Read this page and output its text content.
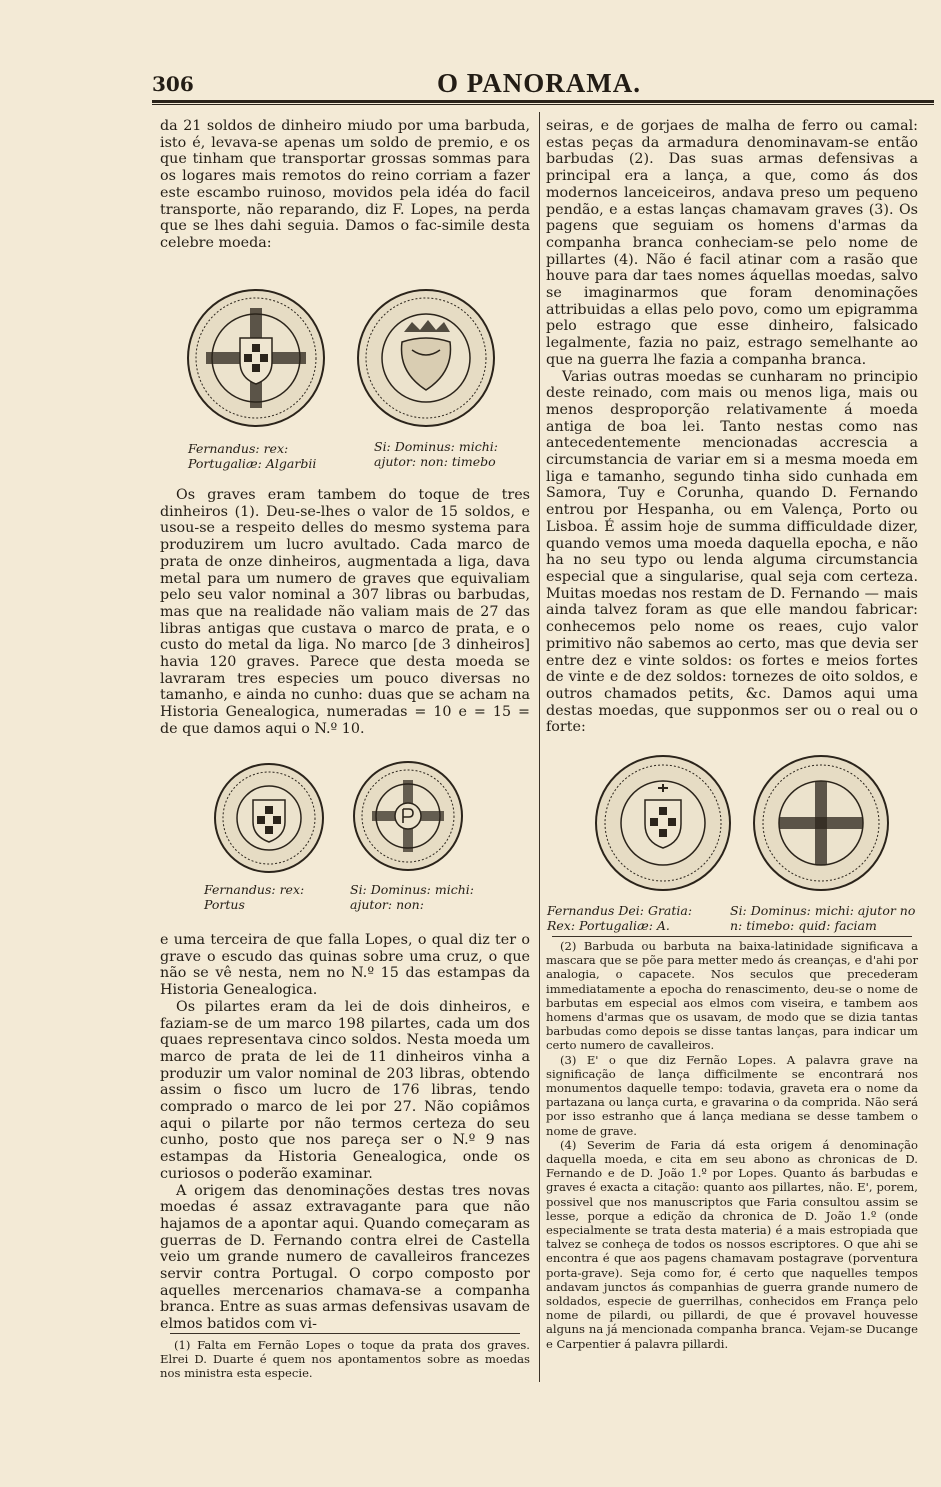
306	O PANORAMA.

da 21 soldos de dinheiro miudo por uma barbuda, isto é, levava-se apenas um soldo de premio, e os que tinham que transportar grossas sommas para os logares mais remotos do reino corriam a fazer este escambo ruinoso, movidos pela idéa do facil transporte, não reparando, diz F. Lopes, na perda que se lhes dahi seguia. Damos o fac-simile desta celebre moeda:

Fernandus: rex: Portugaliæ: Algarbii
Si: Dominus: michi: ajutor: non: timebo

Os graves eram tambem do toque de tres dinheiros (1). Deu-se-lhes o valor de 15 soldos, e usou-se a respeito delles do mesmo systema para produzirem um lucro avultado. Cada marco de prata de onze dinheiros, augmentada a liga, dava metal para um numero de graves que equivaliam pelo seu valor nominal a 307 libras ou barbudas, mas que na realidade não valiam mais de 27 das libras antigas que custava o marco de prata, e o custo do metal da liga. No marco [de 3 dinheiros] havia 120 graves. Parece que desta moeda se lavraram tres especies um pouco diversas no tamanho, e ainda no cunho: duas que se acham na Historia Genealogica, numeradas = 10 e = 15 = de que damos aqui o N.º 10.

Fernandus: rex: Portus
Si: Dominus: michi: ajutor: non:

e uma terceira de que falla Lopes, o qual diz ter o grave o escudo das quinas sobre uma cruz, o que não se vê nesta, nem no N.º 15 das estampas da Historia Genealogica.

Os pilartes eram da lei de dois dinheiros, e faziam-se de um marco 198 pilartes, cada um dos quaes representava cinco soldos. Nesta moeda um marco de prata de lei de 11 dinheiros vinha a produzir um valor nominal de 203 libras, obtendo assim o fisco um lucro de 176 libras, tendo comprado o marco de lei por 27. Não copiâmos aqui o pilarte por não termos certeza do seu cunho, posto que nos pareça ser o N.º 9 nas estampas da Historia Genealogica, onde os curiosos o poderão examinar.

A origem das denominações destas tres novas moedas é assaz extravagante para que não hajamos de a apontar aqui. Quando começaram as guerras de D. Fernando contra elrei de Castella veio um grande numero de cavalleiros francezes servir contra Portugal. O corpo composto por aquelles mercenarios chamava-se a companha branca. Entre as suas armas defensivas usavam de elmos batidos com vi-

(1) Falta em Fernão Lopes o toque da prata dos graves. Elrei D. Duarte é quem nos apontamentos sobre as moedas nos ministra esta especie.

seiras, e de gorjaes de malha de ferro ou camal: estas peças da armadura denominavam-se então barbudas (2). Das suas armas defensivas a principal era a lança, a que, como ás dos modernos lanceiceiros, andava preso um pequeno pendão, e a estas lanças chamavam graves (3). Os pagens que seguiam os homens d'armas da companha branca conheciam-se pelo nome de pillartes (4). Não é facil atinar com a rasão que houve para dar taes nomes áquellas moedas, salvo se imaginarmos que foram denominações attribuidas a ellas pelo povo, como um epigramma pelo estrago que esse dinheiro, falsicado legalmente, fazia no paiz, estrago semelhante ao que na guerra lhe fazia a companha branca.

Varias outras moedas se cunharam no principio deste reinado, com mais ou menos liga, mais ou menos desproporção relativamente á moeda antiga de boa lei. Tanto nestas como nas antecedentemente mencionadas accrescia a circumstancia de variar em si a mesma moeda em liga e tamanho, segundo tinha sido cunhada em Samora, Tuy e Corunha, quando D. Fernando entrou por Hespanha, ou em Valença, Porto ou Lisboa. É assim hoje de summa difficuldade dizer, quando vemos uma moeda daquella epocha, e não ha no seu typo ou lenda alguma circumstancia especial que a singularise, qual seja com certeza. Muitas moedas nos restam de D. Fernando — mais ainda talvez foram as que elle mandou fabricar: conhecemos pelo nome os reaes, cujo valor primitivo não sabemos ao certo, mas que devia ser entre dez e vinte soldos: os fortes e meios fortes de vinte e de dez soldos: tornezes de oito soldos, e outros chamados petits, &c. Damos aqui uma destas moedas, que supponmos ser ou o real ou o forte:

Fernandus Dei: Gratia: Rex: Portugaliæ: A.
Si: Dominus: michi: ajutor no n: timebo: quid: faciam

(2) Barbuda ou barbuta na baixa-latinidade significava a mascara que se põe para metter medo ás creanças, e d'ahi por analogia, o capacete. Nos seculos que precederam immediatamente a epocha do renascimento, deu-se o nome de barbutas em especial aos elmos com viseira, e tambem aos homens d'armas que os usavam, de modo que se dizia tantas barbudas como depois se disse tantas lanças, para indicar um certo numero de cavalleiros.

(3) E' o que diz Fernão Lopes. A palavra grave na significação de lança difficilmente se encontrará nos monumentos daquelle tempo: todavia, graveta era o nome da partazana ou lança curta, e gravarina o da comprida. Não será por isso estranho que á lança mediana se desse tambem o nome de grave.

(4) Severim de Faria dá esta origem á denominação daquella moeda, e cita em seu abono as chronicas de D. Fernando e de D. João 1.º por Lopes. Quanto ás barbudas e graves é exacta a citação: quanto aos pillartes, não. E', porem, possivel que nos manuscriptos que Faria consultou assim se lesse, porque a edição da chronica de D. João 1.º (onde especialmente se trata desta materia) é a mais estropiada que talvez se conheça de todos os nossos escriptores. O que ahi se encontra é que aos pagens chamavam postagrave (porventura porta-grave). Seja como for, é certo que naquelles tempos andavam junctos ás companhias de guerra grande numero de soldados, especie de guerrilhas, conhecidos em França pelo nome de pilardi, ou pillardi, de que é provavel houvesse alguns na já mencionada companha branca. Vejam-se Ducange e Carpentier á palavra pillardi.
